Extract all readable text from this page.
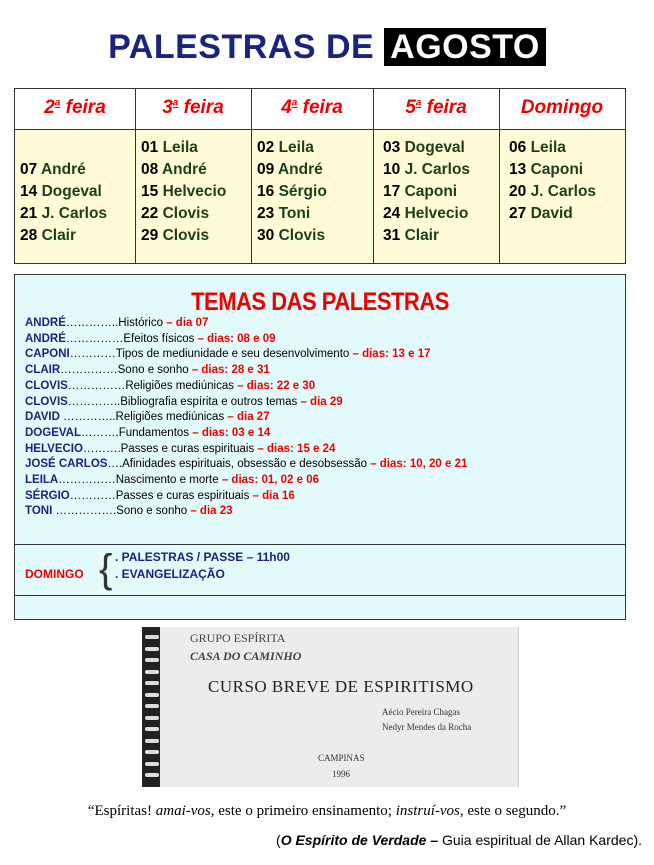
PALESTRAS DE AGOSTO
2$^a$ feira
07 André
14 Dogeval
21 J. Carlos
28 Clair
3$^a$ feira
01 Leila
08 André
15 Helvecio
22 Clovis
29 Clovis
4$^a$ feira
02 Leila
09 André
16 Sérgio
23 Toni
30 Clovis
5$^a$ feira
03 Dogeval
10 J. Carlos
17 Caponi
24 Helvecio
31 Clair
Domingo
06 Leila
13 Caponi
20 J. Carlos
27 David
TEMAS DAS PALESTRAS
DOMINGO { . PALESTRAS / PASSE – 11h00
. EVANGELIZAÇÃO
ANDRÉ…………..Histórico – dia 07
ANDRÉ……………Efeitos físicos – dias: 08 e 09
CAPONI…………Tipos de mediunidade e seu desenvolvimento – dias: 13 e 17
CLAIR……………Sono e sonho – dias: 28 e 31
CLOVIS……………Religiões mediúnicas – dias: 22 e 30
CLOVIS…………..Bibliografia espírita e outros temas – dia 29
DAVID …………..Religiões mediúnicas – dia 27
DOGEVAL……….Fundamentos – dias: 03 e 14
HELVECIO……….Passes e curas espirituais – dias: 15 e 24
JOSÉ CARLOS….Afinidades espirituais, obsessão e desobsessão – dias: 10, 20 e 21
LEILA……………Nascimento e morte – dias: 01, 02 e 06
SÉRGIO…………Passes e curas espirituais – dia 16
TONI …………….Sono e sonho – dia 23
GRUPO ESPÍRITA
CASA DO CAMINHO
CURSO BREVE DE ESPIRITISMO
Aécio Pereira Chagas
Nedyr Mendes da Rocha
CAMPINAS
1996
“Espíritas! amai-vos, este o primeiro ensinamento; instruí-vos, este o segundo.”
(O Espírito de Verdade – Guia espiritual de Allan Kardec).
